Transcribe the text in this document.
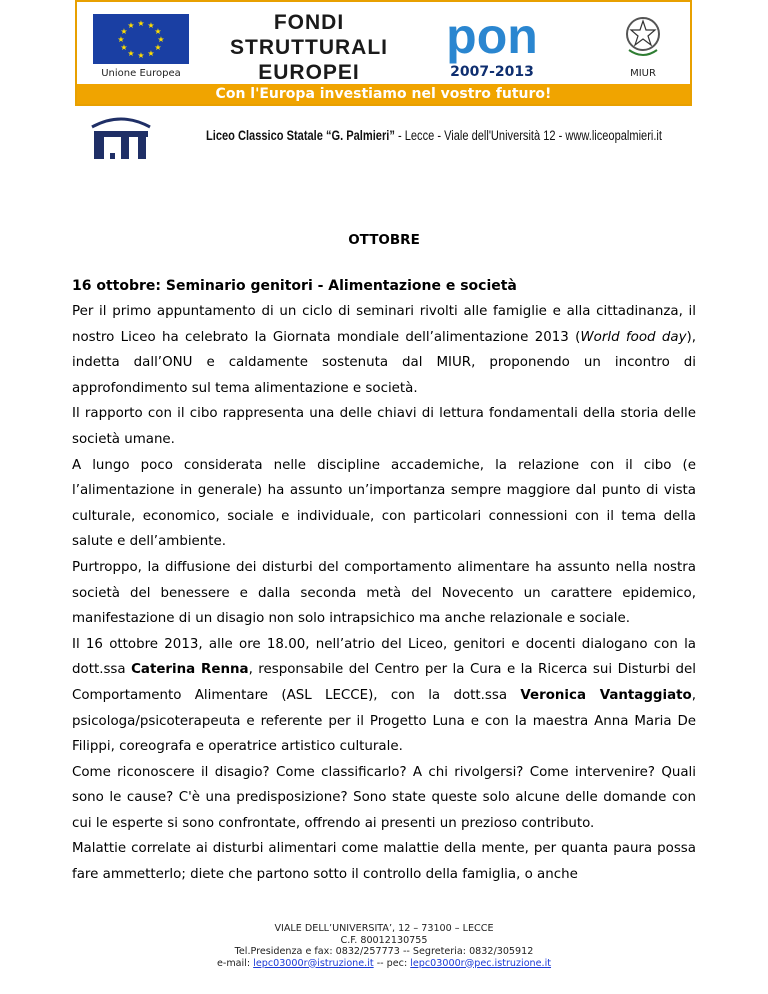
★ ★
★
★
★
★
★
★
★
★
★
★
Unione Europea
FONDI
STRUTTURALI
EUROPEI
pon
2007-2013	MIUR
Con l'Europa investiamo nel vostro futuro!
Liceo Classico Statale “G. Palmieri” - Lecce - Viale dell'Università 12 - www.liceopalmieri.it
OTTOBRE
16 ottobre: Seminario genitori - Alimentazione e società

Per il primo appuntamento di un ciclo di seminari rivolti alle famiglie e alla cittadinanza, il nostro Liceo ha celebrato la Giornata mondiale dell’alimentazione 2013 (World food day), indetta dall’ONU e caldamente sostenuta dal MIUR, proponendo un incontro di approfondimento sul tema alimentazione e società.

Il rapporto con il cibo rappresenta una delle chiavi di lettura fondamentali della storia delle società umane.

A lungo poco considerata nelle discipline accademiche, la relazione con il cibo (e l’alimentazione in generale) ha assunto un’importanza sempre maggiore dal punto di vista culturale, economico, sociale e individuale, con particolari connessioni con il tema della salute e dell’ambiente.

Purtroppo, la diffusione dei disturbi del comportamento alimentare ha assunto nella nostra società del benessere e dalla seconda metà del Novecento un carattere epidemico, manifestazione di un disagio non solo intrapsichico ma anche relazionale e sociale.

Il 16 ottobre 2013, alle ore 18.00, nell’atrio del Liceo, genitori e docenti dialogano con la dott.ssa Caterina Renna, responsabile del Centro per la Cura e la Ricerca sui Disturbi del Comportamento Alimentare (ASL LECCE), con la dott.ssa Veronica Vantaggiato, psicologa/psicoterapeuta e referente per il Progetto Luna e con la maestra Anna Maria De Filippi, coreografa e operatrice artistico culturale.

Come riconoscere il disagio? Come classificarlo? A chi rivolgersi? Come intervenire? Quali sono le cause? C'è una predisposizione? Sono state queste solo alcune delle domande con cui le esperte si sono confrontate, offrendo ai presenti un prezioso contributo.

Malattie correlate ai disturbi alimentari come malattie della mente, per quanta paura possa fare ammetterlo; diete che partono sotto il controllo della famiglia, o anche

VIALE DELL’UNIVERSITA’, 12 – 73100 – LECCE
C.F. 80012130755
Tel.Presidenza e fax: 0832/257773 -- Segreteria: 0832/305912
e-mail: lepc03000r@istruzione.it -- pec: lepc03000r@pec.istruzione.it
